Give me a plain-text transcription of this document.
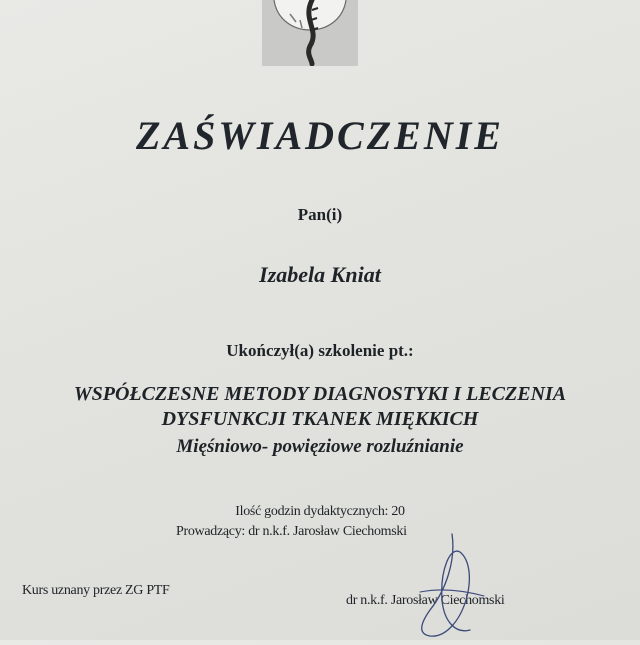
ZAŚWIADCZENIE
Pan(i)
Izabela Kniat
Ukończył(a) szkolenie pt.:
WSPÓŁCZESNE METODY DIAGNOSTYKI I LECZENIA
DYSFUNKCJI TKANEK MIĘKKICH
Mięśniowo- powięziowe rozluźnianie
Ilość godzin dydaktycznych: 20
Prowadzący: dr n.k.f. Jarosław Ciechomski
Kurs uznany przez ZG PTF
dr n.k.f. Jarosław Ciechomski
